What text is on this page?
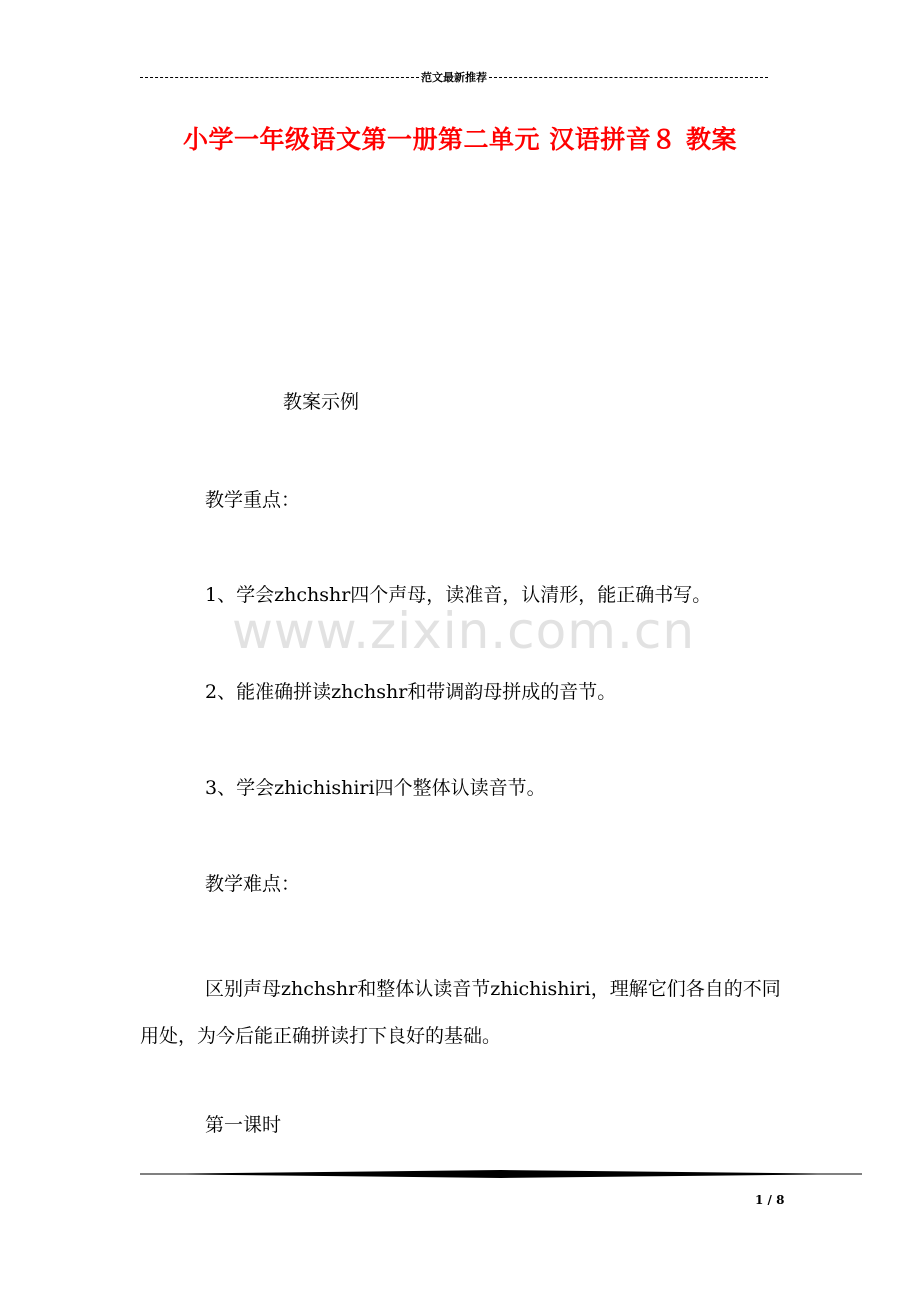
范文最新推荐
小学一年级语文第一册第二单元 汉语拼音８ 教案
教案示例
教学重点：
1、学会zhchshr四个声母，读准音，认清形，能正确书写。
www.zixin.com.cn
2、能准确拼读zhchshr和带调韵母拼成的音节。
3、学会zhichishiri四个整体认读音节。
教学难点：
区别声母zhchshr和整体认读音节zhichishiri，理解它们各自的不同用处，为今后能正确拼读打下良好的基础。
第一课时
1 / 8
